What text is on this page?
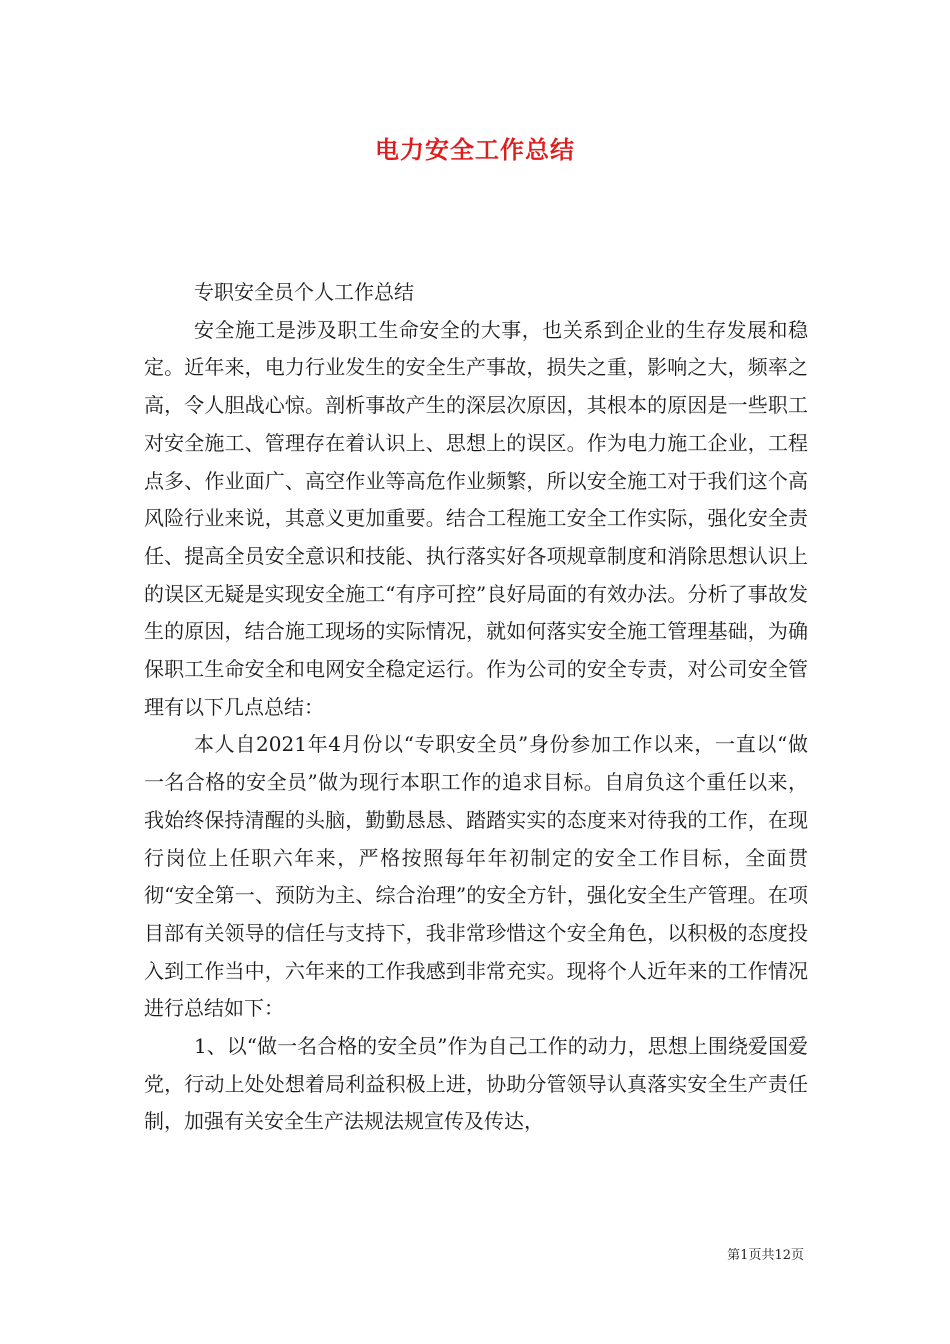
电力安全工作总结

专职安全员个人工作总结

安全施工是涉及职工生命安全的大事，也关系到企业的生存发展和稳定。近年来，电力行业发生的安全生产事故，损失之重，影响之大，频率之高，令人胆战心惊。剖析事故产生的深层次原因，其根本的原因是一些职工对安全施工、管理存在着认识上、思想上的误区。作为电力施工企业，工程点多、作业面广、高空作业等高危作业频繁，所以安全施工对于我们这个高风险行业来说，其意义更加重要。结合工程施工安全工作实际，强化安全责任、提高全员安全意识和技能、执行落实好各项规章制度和消除思想认识上的误区无疑是实现安全施工“有序可控”良好局面的有效办法。分析了事故发生的原因，结合施工现场的实际情况，就如何落实安全施工管理基础，为确保职工生命安全和电网安全稳定运行。作为公司的安全专责，对公司安全管理有以下几点总结：

本人自2021年4月份以“专职安全员”身份参加工作以来，一直以“做一名合格的安全员”做为现行本职工作的追求目标。自肩负这个重任以来，我始终保持清醒的头脑，勤勤恳恳、踏踏实实的态度来对待我的工作，在现行岗位上任职六年来，严格按照每年年初制定的安全工作目标，全面贯彻“安全第一、预防为主、综合治理”的安全方针，强化安全生产管理。在项目部有关领导的信任与支持下，我非常珍惜这个安全角色，以积极的态度投入到工作当中，六年来的工作我感到非常充实。现将个人近年来的工作情况进行总结如下：

1、以“做一名合格的安全员”作为自己工作的动力，思想上围绕爱国爱党，行动上处处想着局利益积极上进，协助分管领导认真落实安全生产责任制，加强有关安全生产法规法规宣传及传达，

第1页共12页
